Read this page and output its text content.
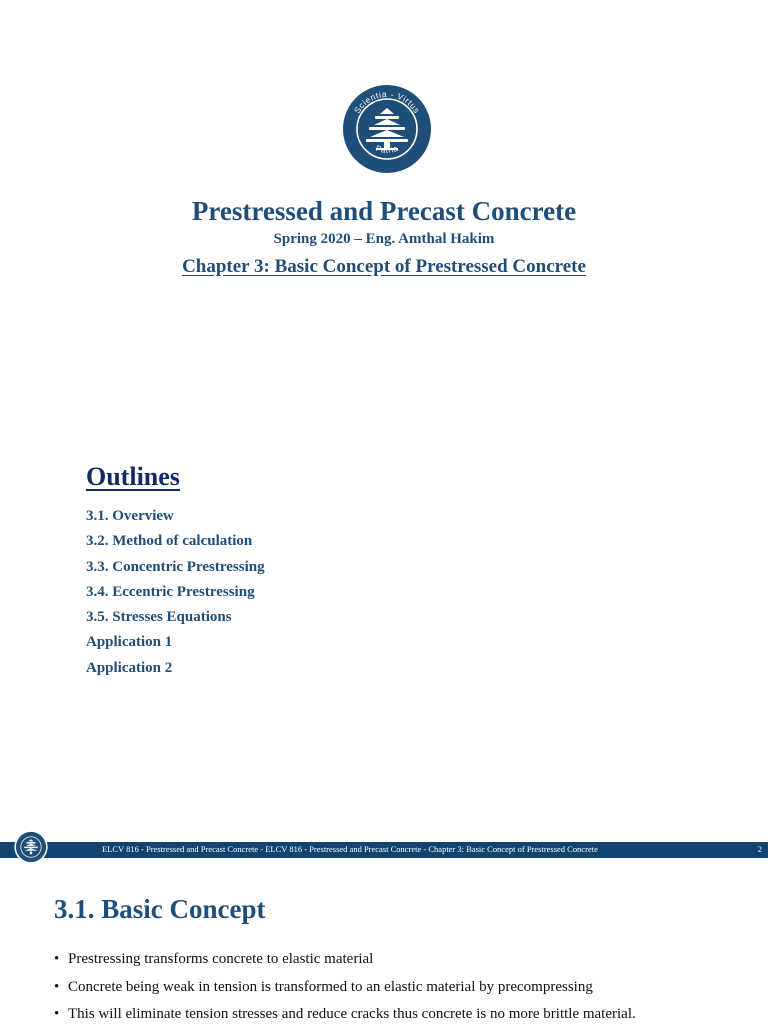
Scientia - Virtus
Patria
Prestressed and Precast Concrete
Spring 2020 – Eng. Amthal Hakim
Chapter 3: Basic Concept of Prestressed Concrete
Outlines
3.1. Overview
3.2. Method of calculation
3.3. Concentric Prestressing
3.4. Eccentric Prestressing
3.5. Stresses Equations
Application 1
Application 2
ELCV 816 - Prestressed and Precast Concrete - ELCV 816 - Prestressed and Precast Concrete - Chapter 3: Basic Concept of Prestressed Concrete	2
3.1. Basic Concept
• Prestressing transforms concrete to elastic material
• Concrete being weak in tension is transformed to an elastic material by precompressing
• This will eliminate tension stresses and reduce cracks thus concrete is no more brittle material.
